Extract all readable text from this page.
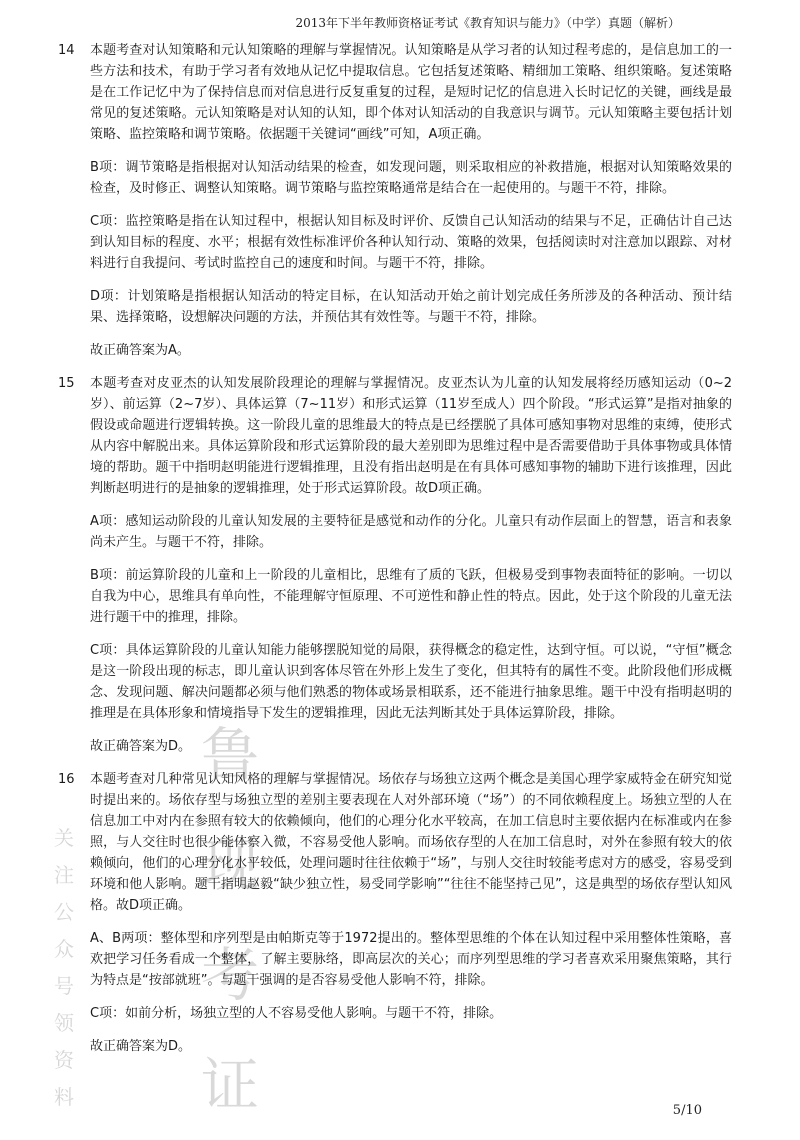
2013年下半年教师资格证考试《教育知识与能力》（中学）真题（解析）
鲁
现
考
证
关
注
公
众
号
领
资
料
14 本题考查对认知策略和元认知策略的理解与掌握情况。认知策略是从学习者的认知过程考虑的，是信息加工的一些方法和技术，有助于学习者有效地从记忆中提取信息。它包括复述策略、精细加工策略、组织策略。复述策略是在工作记忆中为了保持信息而对信息进行反复重复的过程，是短时记忆的信息进入长时记忆的关键，画线是最常见的复述策略。元认知策略是对认知的认知，即个体对认知活动的自我意识与调节。元认知策略主要包括计划策略、监控策略和调节策略。依据题干关键词“画线”可知，A项正确。

B项：调节策略是指根据对认知活动结果的检查，如发现问题，则采取相应的补救措施，根据对认知策略效果的检查，及时修正、调整认知策略。调节策略与监控策略通常是结合在一起使用的。与题干不符，排除。

C项：监控策略是指在认知过程中，根据认知目标及时评价、反馈自己认知活动的结果与不足，正确估计自己达到认知目标的程度、水平；根据有效性标准评价各种认知行动、策略的效果，包括阅读时对注意加以跟踪、对材料进行自我提问、考试时监控自己的速度和时间。与题干不符，排除。

D项：计划策略是指根据认知活动的特定目标，在认知活动开始之前计划完成任务所涉及的各种活动、预计结果、选择策略，设想解决问题的方法，并预估其有效性等。与题干不符，排除。

故正确答案为A。

15 本题考查对皮亚杰的认知发展阶段理论的理解与掌握情况。皮亚杰认为儿童的认知发展将经历感知运动（0~2岁）、前运算（2~7岁）、具体运算（7~11岁）和形式运算（11岁至成人）四个阶段。“形式运算”是指对抽象的假设或命题进行逻辑转换。这一阶段儿童的思维最大的特点是已经摆脱了具体可感知事物对思维的束缚，使形式从内容中解脱出来。具体运算阶段和形式运算阶段的最大差别即为思维过程中是否需要借助于具体事物或具体情境的帮助。题干中指明赵明能进行逻辑推理，且没有指出赵明是在有具体可感知事物的辅助下进行该推理，因此判断赵明进行的是抽象的逻辑推理，处于形式运算阶段。故D项正确。

A项：感知运动阶段的儿童认知发展的主要特征是感觉和动作的分化。儿童只有动作层面上的智慧，语言和表象尚未产生。与题干不符，排除。

B项：前运算阶段的儿童和上一阶段的儿童相比，思维有了质的飞跃，但极易受到事物表面特征的影响。一切以自我为中心，思维具有单向性，不能理解守恒原理、不可逆性和静止性的特点。因此，处于这个阶段的儿童无法进行题干中的推理，排除。

C项：具体运算阶段的儿童认知能力能够摆脱知觉的局限，获得概念的稳定性，达到守恒。可以说，“守恒”概念是这一阶段出现的标志，即儿童认识到客体尽管在外形上发生了变化，但其特有的属性不变。此阶段他们形成概念、发现问题、解决问题都必须与他们熟悉的物体或场景相联系，还不能进行抽象思维。题干中没有指明赵明的推理是在具体形象和情境指导下发生的逻辑推理，因此无法判断其处于具体运算阶段，排除。

故正确答案为D。

16 本题考查对几种常见认知风格的理解与掌握情况。场依存与场独立这两个概念是美国心理学家威特金在研究知觉时提出来的。场依存型与场独立型的差别主要表现在人对外部环境（“场”）的不同依赖程度上。场独立型的人在信息加工中对内在参照有较大的依赖倾向，他们的心理分化水平较高，在加工信息时主要依据内在标准或内在参照，与人交往时也很少能体察入微，不容易受他人影响。而场依存型的人在加工信息时，对外在参照有较大的依赖倾向，他们的心理分化水平较低，处理问题时往往依赖于“场”，与别人交往时较能考虑对方的感受，容易受到环境和他人影响。题干指明赵毅“缺少独立性，易受同学影响”“往往不能坚持己见”，这是典型的场依存型认知风格。故D项正确。

A、B两项：整体型和序列型是由帕斯克等于1972提出的。整体型思维的个体在认知过程中采用整体性策略，喜欢把学习任务看成一个整体，了解主要脉络，即高层次的关心；而序列型思维的学习者喜欢采用聚焦策略，其行为特点是“按部就班”。与题干强调的是否容易受他人影响不符，排除。

C项：如前分析，场独立型的人不容易受他人影响。与题干不符，排除。

故正确答案为D。

5/10
